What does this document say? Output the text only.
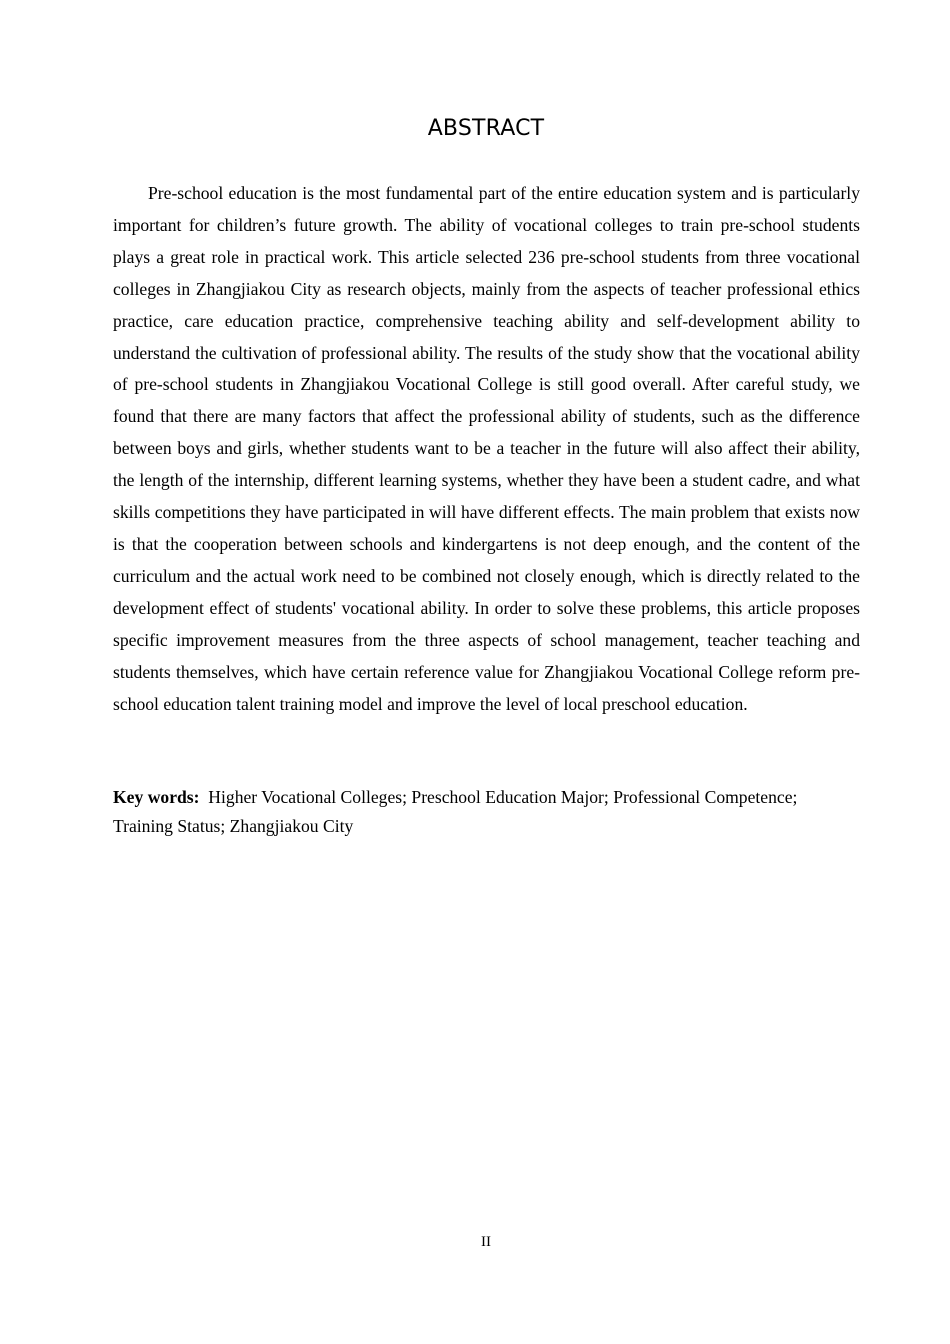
ABSTRACT

Pre-school education is the most fundamental part of the entire education system and is particularly important for children’s future growth. The ability of vocational colleges to train pre-school students plays a great role in practical work. This article selected 236 pre-school students from three vocational colleges in Zhangjiakou City as research objects, mainly from the aspects of teacher professional ethics practice, care education practice, comprehensive teaching ability and self-development ability to understand the cultivation of professional ability. The results of the study show that the vocational ability of pre-school students in Zhangjiakou Vocational College is still good overall. After careful study, we found that there are many factors that affect the professional ability of students, such as the difference between boys and girls, whether students want to be a teacher in the future will also affect their ability, the length of the internship, different learning systems, whether they have been a student cadre, and what skills competitions they have participated in will have different effects. The main problem that exists now is that the cooperation between schools and kindergartens is not deep enough, and the content of the curriculum and the actual work need to be combined not closely enough, which is directly related to the development effect of students' vocational ability. In order to solve these problems, this article proposes specific improvement measures from the three aspects of school management, teacher teaching and students themselves, which have certain reference value for Zhangjiakou Vocational College reform pre-school education talent training model and improve the level of local preschool education.

Key words: Higher Vocational Colleges; Preschool Education Major; Professional Competence; Training Status; Zhangjiakou City

II
